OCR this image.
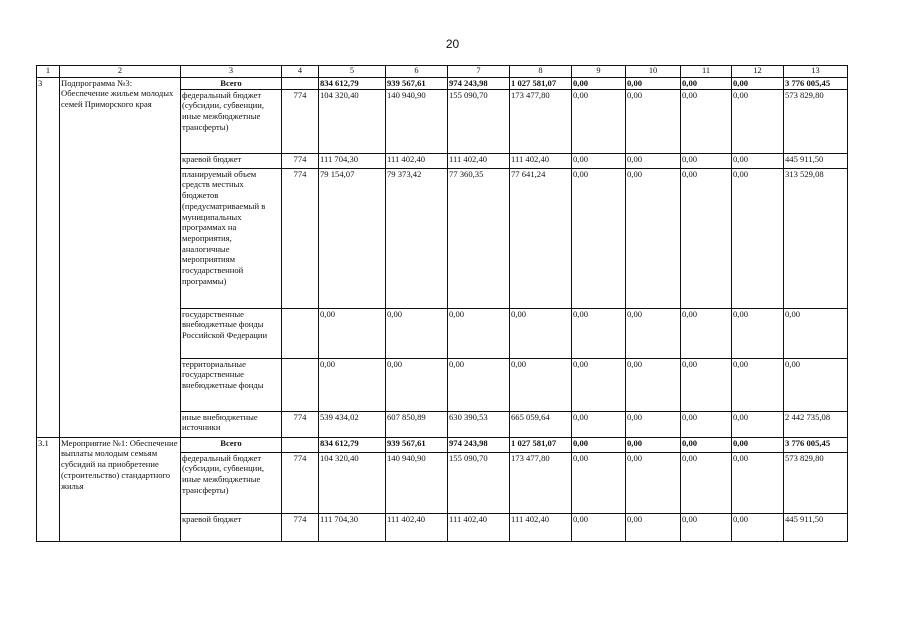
20
1	2	3	4	5	6	7	8	9	10	11	12	13
3	Подпрограмма №3: Обеспечение жильем молодых семей Приморского края	Всего		834 612,79	939 567,61	974 243,98	1 027 581,07	0,00	0,00	0,00	0,00	3 776 005,45
		федеральный бюджет (субсидии, субвенции, иные межбюджетные трансферты)	774	104 320,40	140 940,90	155 090,70	173 477,80	0,00	0,00	0,00	0,00	573 829,80
		краевой бюджет	774	111 704,30	111 402,40	111 402,40	111 402,40	0,00	0,00	0,00	0,00	445 911,50
		планируемый объем средств местных бюджетов (предусматриваемый в муниципальных программах на мероприятия, аналогичные мероприятиям государственной программы)	774	79 154,07	79 373,42	77 360,35	77 641,24	0,00	0,00	0,00	0,00	313 529,08
		государственные внебюджетные фонды Российской Федерации		0,00	0,00	0,00	0,00	0,00	0,00	0,00	0,00	0,00
		территориальные государственные внебюджетные фонды		0,00	0,00	0,00	0,00	0,00	0,00	0,00	0,00	0,00
		иные внебюджетные источники	774	539 434,02	607 850,89	630 390,53	665 059,64	0,00	0,00	0,00	0,00	2 442 735,08
3.1	Мероприятие №1: Обеспечение выплаты молодым семьям субсидий на приобретение (строительство) стандартного жилья	Всего		834 612,79	939 567,61	974 243,98	1 027 581,07	0,00	0,00	0,00	0,00	3 776 005,45
		федеральный бюджет (субсидии, субвенции, иные межбюджетные трансферты)	774	104 320,40	140 940,90	155 090,70	173 477,80	0,00	0,00	0,00	0,00	573 829,80
		краевой бюджет	774	111 704,30	111 402,40	111 402,40	111 402,40	0,00	0,00	0,00	0,00	445 911,50
